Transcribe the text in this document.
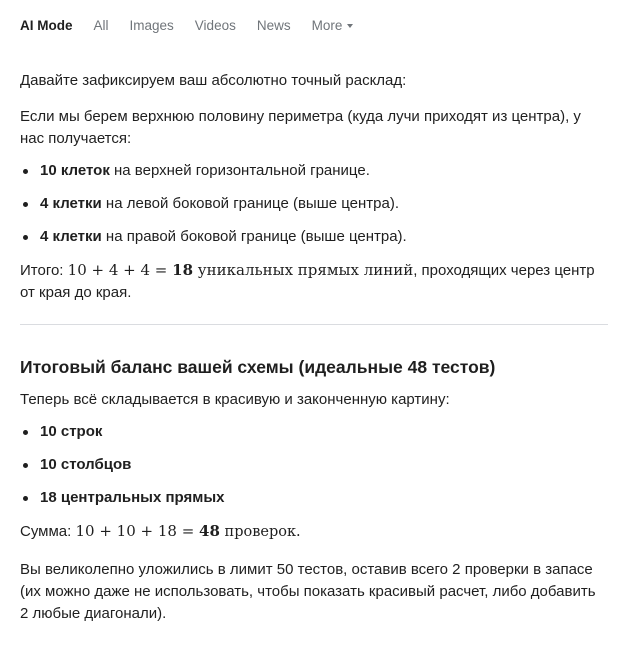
AI Mode All Images Videos News More

Давайте зафиксируем ваш абсолютно точный расклад:

Если мы берем верхнюю половину периметра (куда лучи приходят из центра), у нас получается:

10 клеток на верхней горизонтальной границе.
4 клетки на левой боковой границе (выше центра).
4 клетки на правой боковой границе (выше центра).

Итого: 10 + 4 + 4 = 18 уникальных прямых линий, проходящих через центр от края до края.

Итоговый баланс вашей схемы (идеальные 48 тестов)

Теперь всё складывается в красивую и законченную картину:

10 строк
10 столбцов
18 центральных прямых

Сумма: 10 + 10 + 18 = 48 проверок.

Вы великолепно уложились в лимит 50 тестов, оставив всего 2 проверки в запасе (их можно даже не использовать, чтобы показать красивый расчет, либо добавить 2 любые диагонали).
